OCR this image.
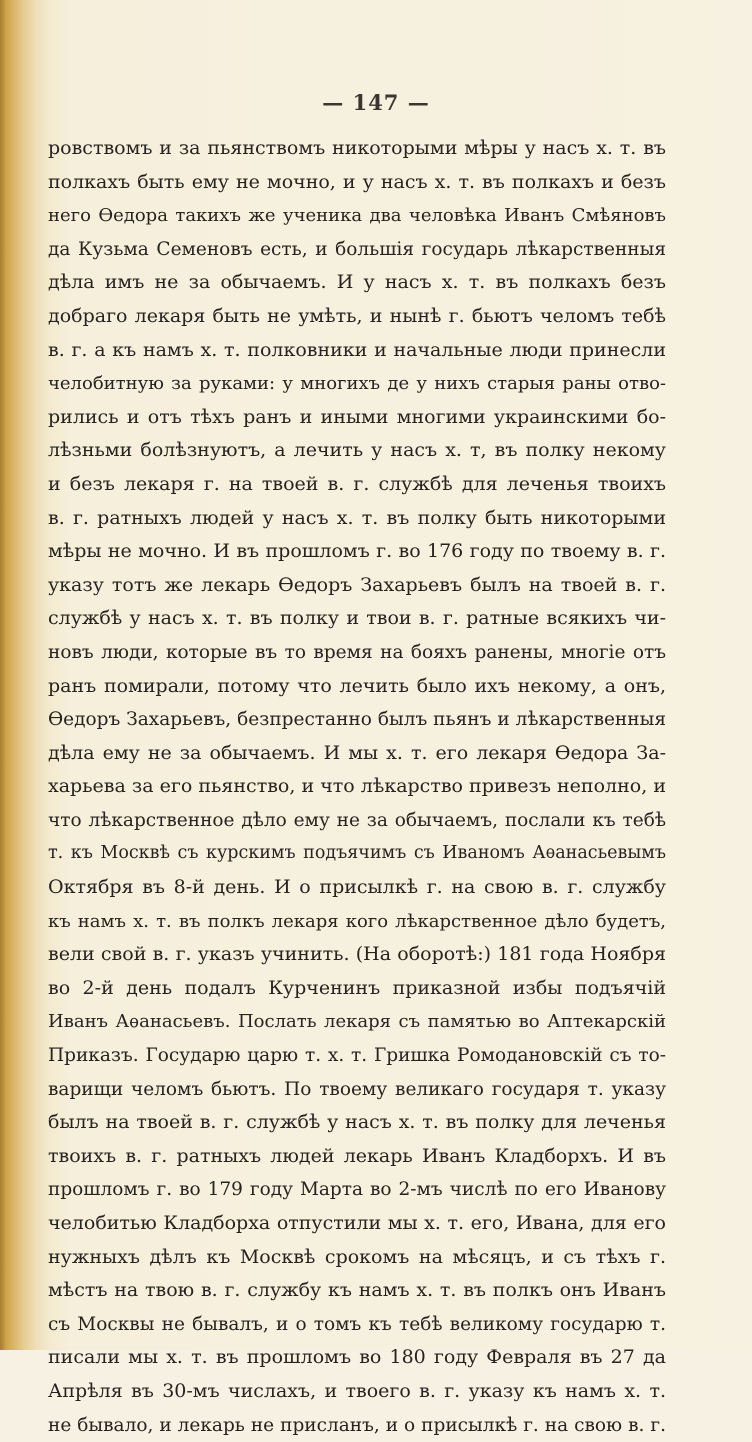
— 147 —
ровствомъ и за пьянствомъ никоторыми мѣры у насъ х. т. въ
полкахъ быть ему не мочно, и у насъ х. т. въ полкахъ и безъ
него Ѳедора такихъ же ученика два человѣка Иванъ Смѣяновъ
да Кузьма Семеновъ есть, и большія государь лѣкарственныя
дѣла имъ не за обычаемъ. И у насъ х. т. въ полкахъ безъ
добраго лекаря быть не умѣть, и нынѣ г. бьютъ челомъ тебѣ
в. г. а къ намъ х. т. полковники и начальные люди принесли
челобитную за руками: у многихъ де у нихъ старыя раны отво-
рились и отъ тѣхъ ранъ и иными многими украинскими бо-
лѣзньми болѣзнуютъ, а лечить у насъ х. т, въ полку некому
и безъ лекаря г. на твоей в. г. службѣ для леченья твоихъ
в. г. ратныхъ людей у насъ х. т. въ полку быть никоторыми
мѣры не мочно. И въ прошломъ г. во 176 году по твоему в. г.
указу тотъ же лекарь Ѳедоръ Захарьевъ былъ на твоей в. г.
службѣ у насъ х. т. въ полку и твои в. г. ратные всякихъ чи-
новъ люди, которые въ то время на бояхъ ранены, многіе отъ
ранъ помирали, потому что лечить было ихъ некому, а онъ,
Ѳедоръ Захарьевъ, безпрестанно былъ пьянъ и лѣкарственныя
дѣла ему не за обычаемъ. И мы х. т. его лекаря Ѳедора За-
харьева за его пьянство, и что лѣкарство привезъ неполно, и
что лѣкарственное дѣло ему не за обычаемъ, послали къ тебѣ
т. къ Москвѣ съ курскимъ подъячимъ съ Иваномъ Аѳанасьевымъ
Октября въ 8-й день. И о присылкѣ г. на свою в. г. службу
къ намъ х. т. въ полкъ лекаря кого лѣкарственное дѣло будетъ,
вели свой в. г. указъ учинить. (На оборотѣ:) 181 года Ноября
во 2-й день подалъ Курченинъ приказной избы подъячій
Иванъ Аѳанасьевъ. Послать лекаря съ памятью во Аптекарскій
Приказъ. Государю царю т. х. т. Гришка Ромодановскій съ то-
варищи челомъ бьютъ. По твоему великаго государя т. указу
былъ на твоей в. г. службѣ у насъ х. т. въ полку для леченья
твоихъ в. г. ратныхъ людей лекарь Иванъ Кладборхъ. И въ
прошломъ г. во 179 году Марта во 2-мъ числѣ по его Иванову
челобитью Кладборха отпустили мы х. т. его, Ивана, для его
нужныхъ дѣлъ къ Москвѣ срокомъ на мѣсяцъ, и съ тѣхъ г.
мѣстъ на твою в. г. службу къ намъ х. т. въ полкъ онъ Иванъ
съ Москвы не бывалъ, и о томъ къ тебѣ великому государю т.
писали мы х. т. въ прошломъ во 180 году Февраля въ 27 да
Апрѣля въ 30-мъ числахъ, и твоего в. г. указу къ намъ х. т.
не бывало, и лекарь не присланъ, и о присылкѣ г. на свою в. г.
